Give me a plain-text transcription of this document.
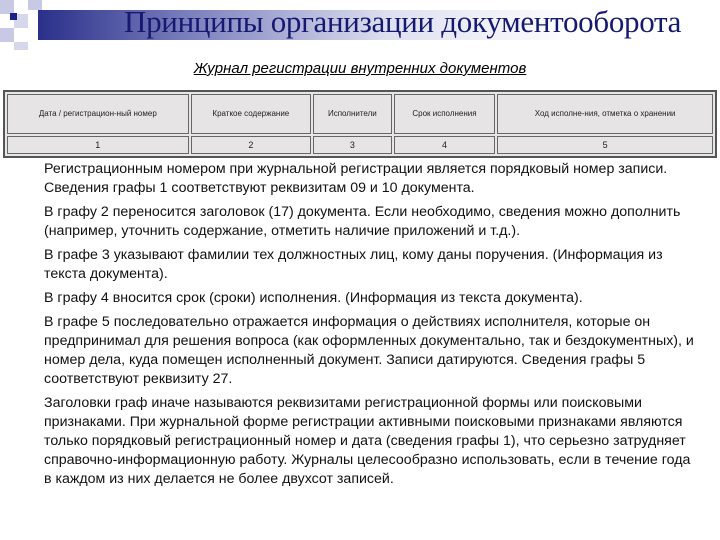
Принципы организации документооборота
Журнал регистрации внутренних документов
Дата / регистрацион-ный номер	Краткое содержание	Исполнители	Срок исполнения	Ход исполне-ния, отметка о хранении
1	2	3	4	5

Регистрационным номером при журнальной регистрации является порядковый номер записи. Сведения графы 1 соответствуют реквизитам 09 и 10 документа.

В графу 2 переносится заголовок (17) документа. Если необходимо, сведения можно дополнить (например, уточнить содержание, отметить наличие приложений и т.д.).

В графе 3 указывают фамилии тех должностных лиц, кому даны поручения. (Информация из текста документа).

В графу 4 вносится срок (сроки) исполнения. (Информация из текста документа).

В графе 5 последовательно отражается информация о действиях исполнителя, которые он предпринимал для решения вопроса (как оформленных документально, так и бездокументных), и номер дела, куда помещен исполненный документ. Записи датируются. Сведения графы 5 соответствуют реквизиту 27.

Заголовки граф иначе называются реквизитами регистрационной формы или поисковыми признаками. При журнальной форме регистрации активными поисковыми признаками являются только порядковый регистрационный номер и дата (сведения графы 1), что серьезно затрудняет справочно-информационную работу. Журналы целесообразно использовать, если в течение года в каждом из них делается не более двухсот записей.
